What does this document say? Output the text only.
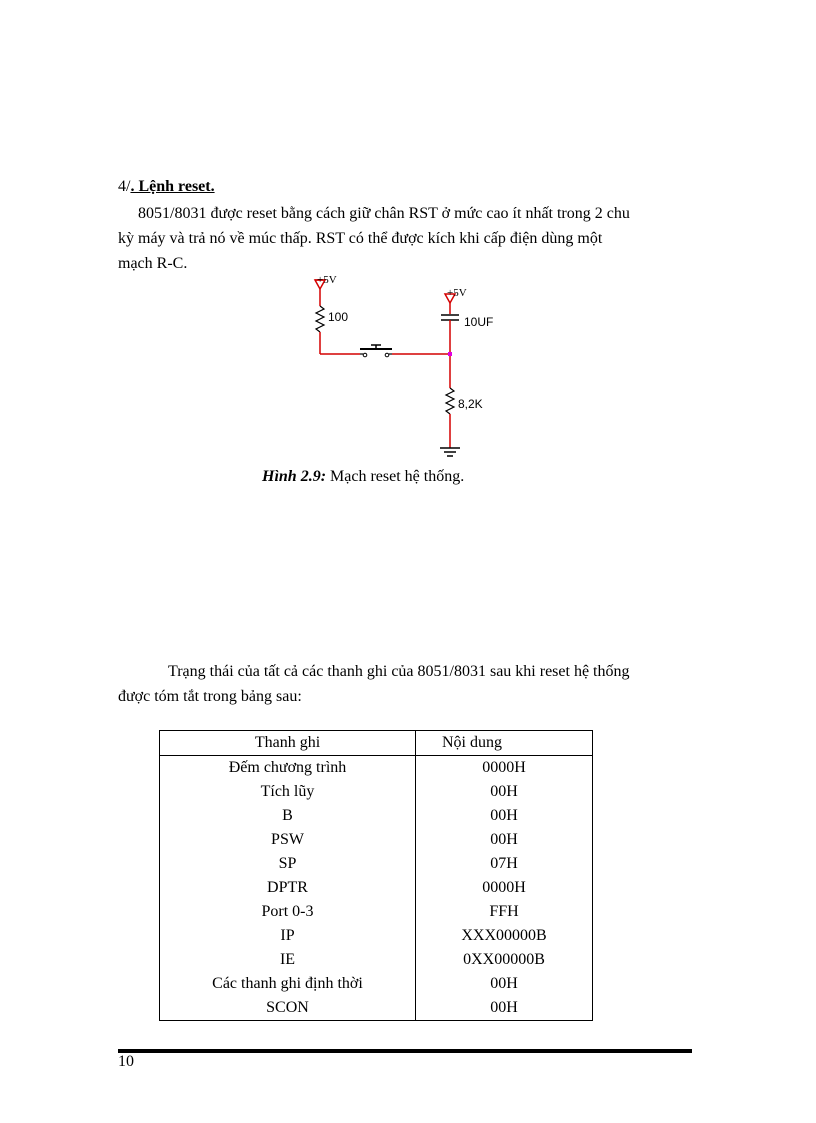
4/. Lệnh reset.
8051/8031 được reset bằng cách giữ chân RST ở mức cao ít nhất trong 2 chu
kỳ máy và trả nó về múc thấp. RST có thể được kích khi cấp điện dùng một
mạch R-C.
+5V
100
+5V
10UF
8,2K
Hình 2.9: Mạch reset hệ thống.
Trạng thái của tất cả các thanh ghi của 8051/8031 sau khi reset hệ thống
được tóm tắt trong bảng sau:
Thanh ghi	Nội dung
Đếm chương trình	0000H
Tích lũy	00H
B	00H
PSW	00H
SP	07H
DPTR	0000H
Port 0-3	FFH
IP	XXX00000B
IE	0XX00000B
Các thanh ghi định thời	00H
SCON	00H
10
